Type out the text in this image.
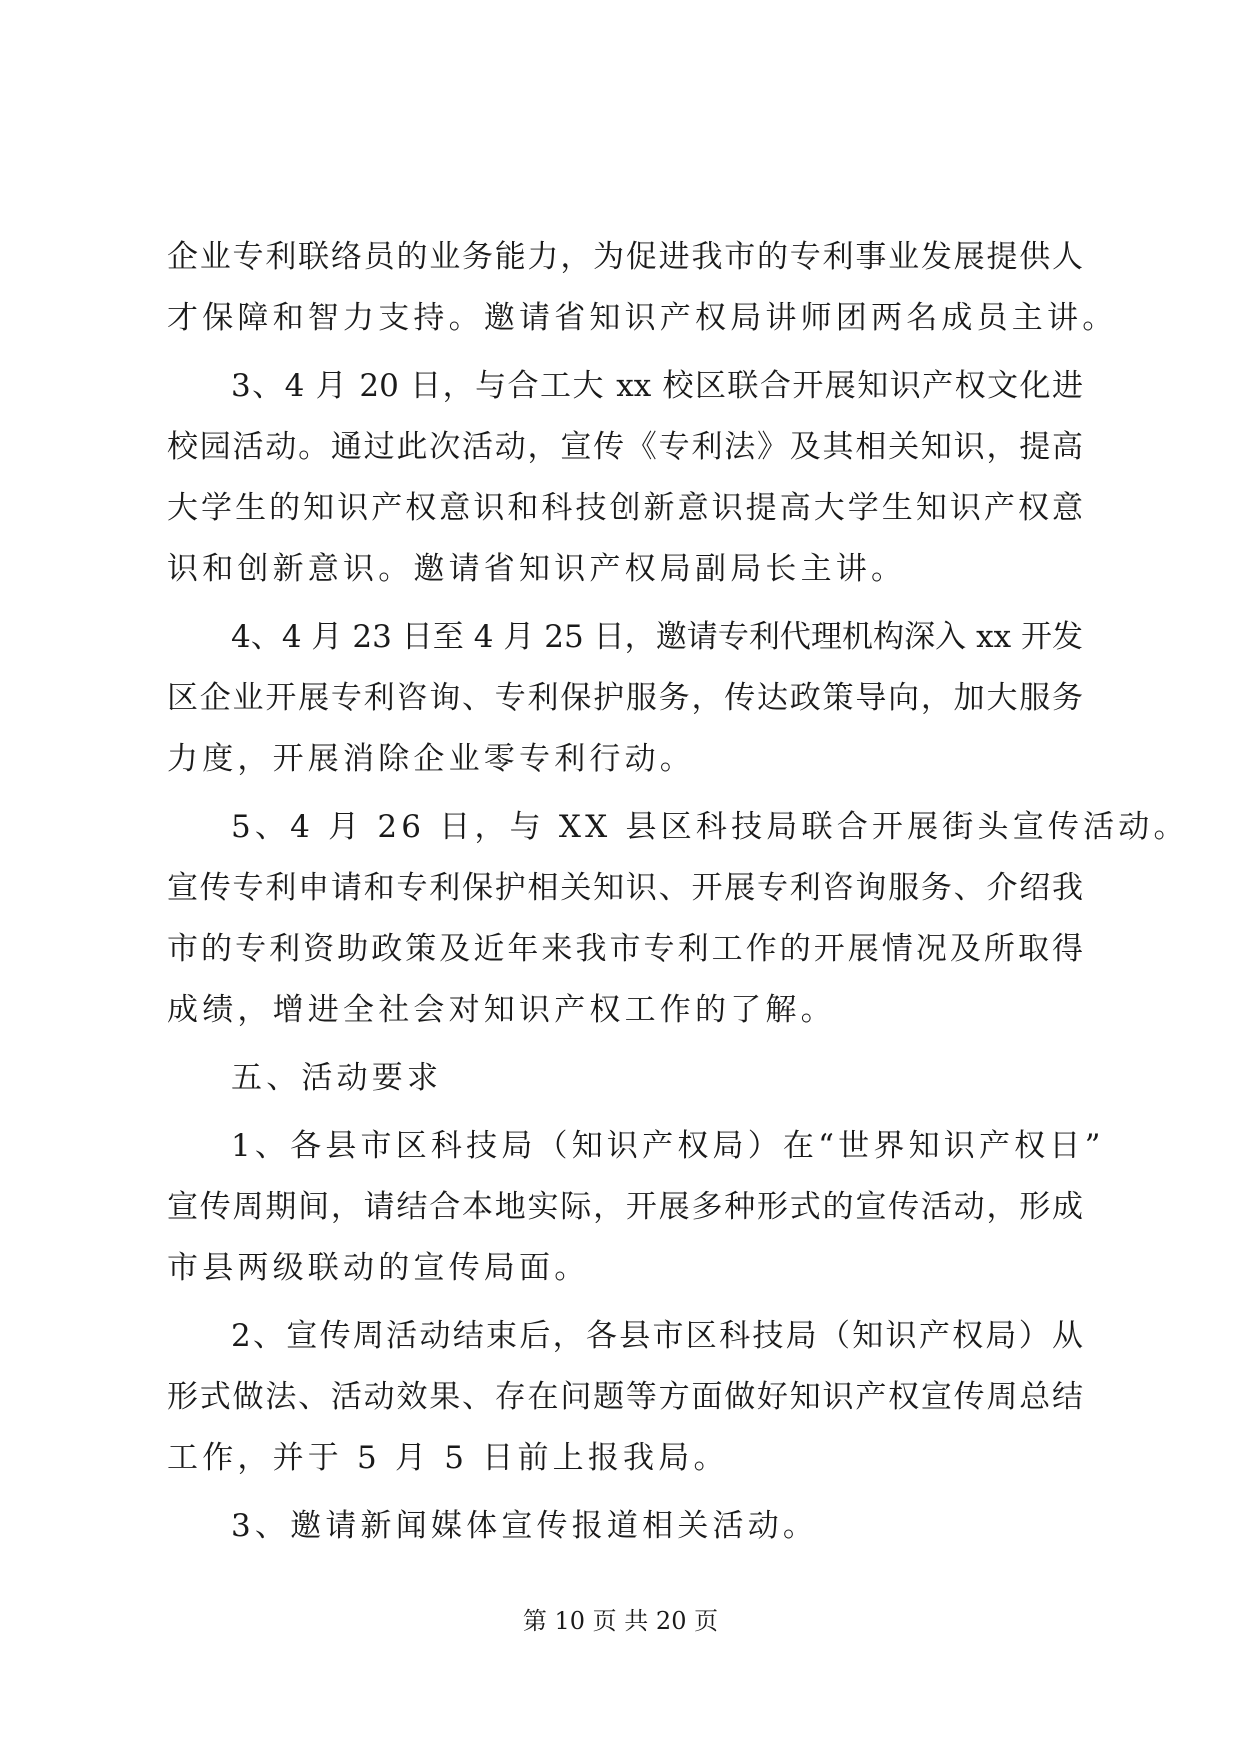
企业专利联络员的业务能力，为促进我市的专利事业发展提供人
才保障和智力支持。邀请省知识产权局讲师团两名成员主讲。
3、4 月 20 日，与合工大 xx 校区联合开展知识产权文化进
校园活动。通过此次活动，宣传《专利法》及其相关知识，提高
大学生的知识产权意识和科技创新意识提高大学生知识产权意
识和创新意识。邀请省知识产权局副局长主讲。
4、4 月 23 日至 4 月 25 日，邀请专利代理机构深入 xx 开发
区企业开展专利咨询、专利保护服务，传达政策导向，加大服务
力度，开展消除企业零专利行动。
5、4 月 26 日，与 XX 县区科技局联合开展街头宣传活动。
宣传专利申请和专利保护相关知识、开展专利咨询服务、介绍我
市的专利资助政策及近年来我市专利工作的开展情况及所取得
成绩，增进全社会对知识产权工作的了解。
五、活动要求
1、各县市区科技局（知识产权局）在“世界知识产权日”
宣传周期间，请结合本地实际，开展多种形式的宣传活动，形成
市县两级联动的宣传局面。
2、宣传周活动结束后，各县市区科技局（知识产权局）从
形式做法、活动效果、存在问题等方面做好知识产权宣传周总结
工作，并于 5 月 5 日前上报我局。
3、邀请新闻媒体宣传报道相关活动。
第 10 页 共 20 页
